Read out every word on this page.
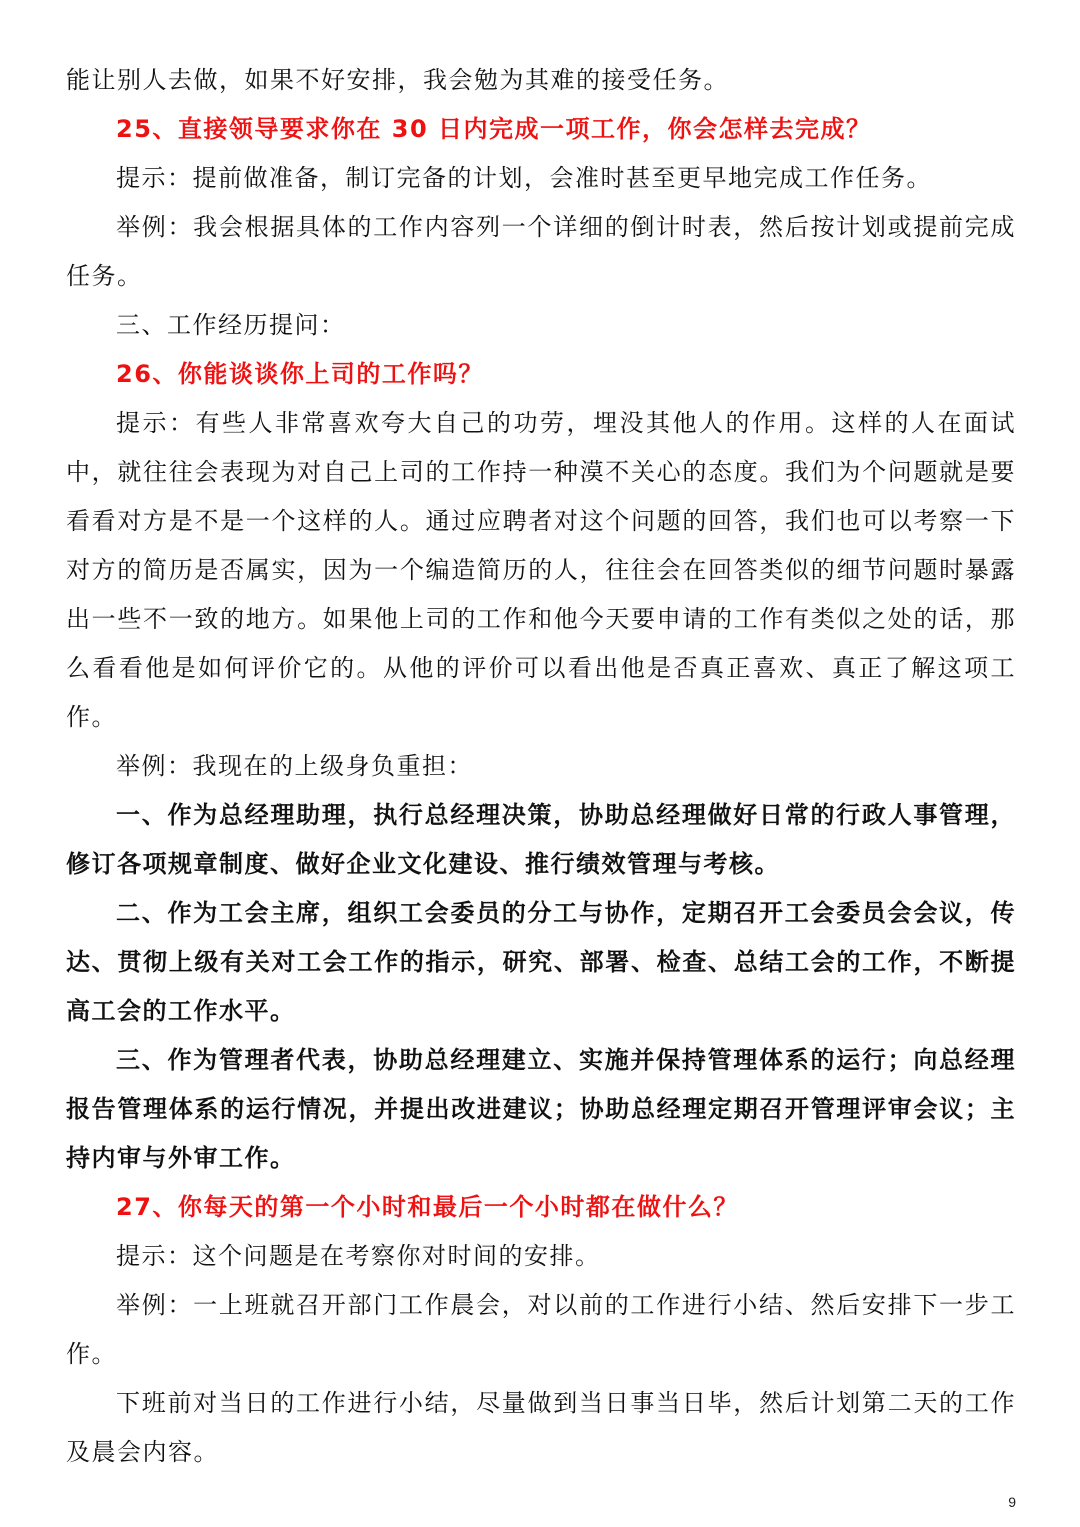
能让别人去做，如果不好安排，我会勉为其难的接受任务。

25、直接领导要求你在 30 日内完成一项工作，你会怎样去完成？

提示：提前做准备，制订完备的计划，会准时甚至更早地完成工作任务。

举例：我会根据具体的工作内容列一个详细的倒计时表，然后按计划或提前完成任务。

三、工作经历提问：

26、你能谈谈你上司的工作吗？

提示：有些人非常喜欢夸大自己的功劳，埋没其他人的作用。这样的人在面试中，就往往会表现为对自己上司的工作持一种漠不关心的态度。我们为个问题就是要看看对方是不是一个这样的人。通过应聘者对这个问题的回答，我们也可以考察一下对方的简历是否属实，因为一个编造简历的人，往往会在回答类似的细节问题时暴露出一些不一致的地方。如果他上司的工作和他今天要申请的工作有类似之处的话，那么看看他是如何评价它的。从他的评价可以看出他是否真正喜欢、真正了解这项工作。

举例：我现在的上级身负重担：

一、作为总经理助理，执行总经理决策，协助总经理做好日常的行政人事管理，修订各项规章制度、做好企业文化建设、推行绩效管理与考核。

二、作为工会主席，组织工会委员的分工与协作，定期召开工会委员会会议，传达、贯彻上级有关对工会工作的指示，研究、部署、检查、总结工会的工作，不断提高工会的工作水平。

三、作为管理者代表，协助总经理建立、实施并保持管理体系的运行；向总经理报告管理体系的运行情况，并提出改进建议；协助总经理定期召开管理评审会议；主持内审与外审工作。

27、你每天的第一个小时和最后一个小时都在做什么？

提示：这个问题是在考察你对时间的安排。

举例：一上班就召开部门工作晨会，对以前的工作进行小结、然后安排下一步工作。

下班前对当日的工作进行小结，尽量做到当日事当日毕，然后计划第二天的工作及晨会内容。

9
